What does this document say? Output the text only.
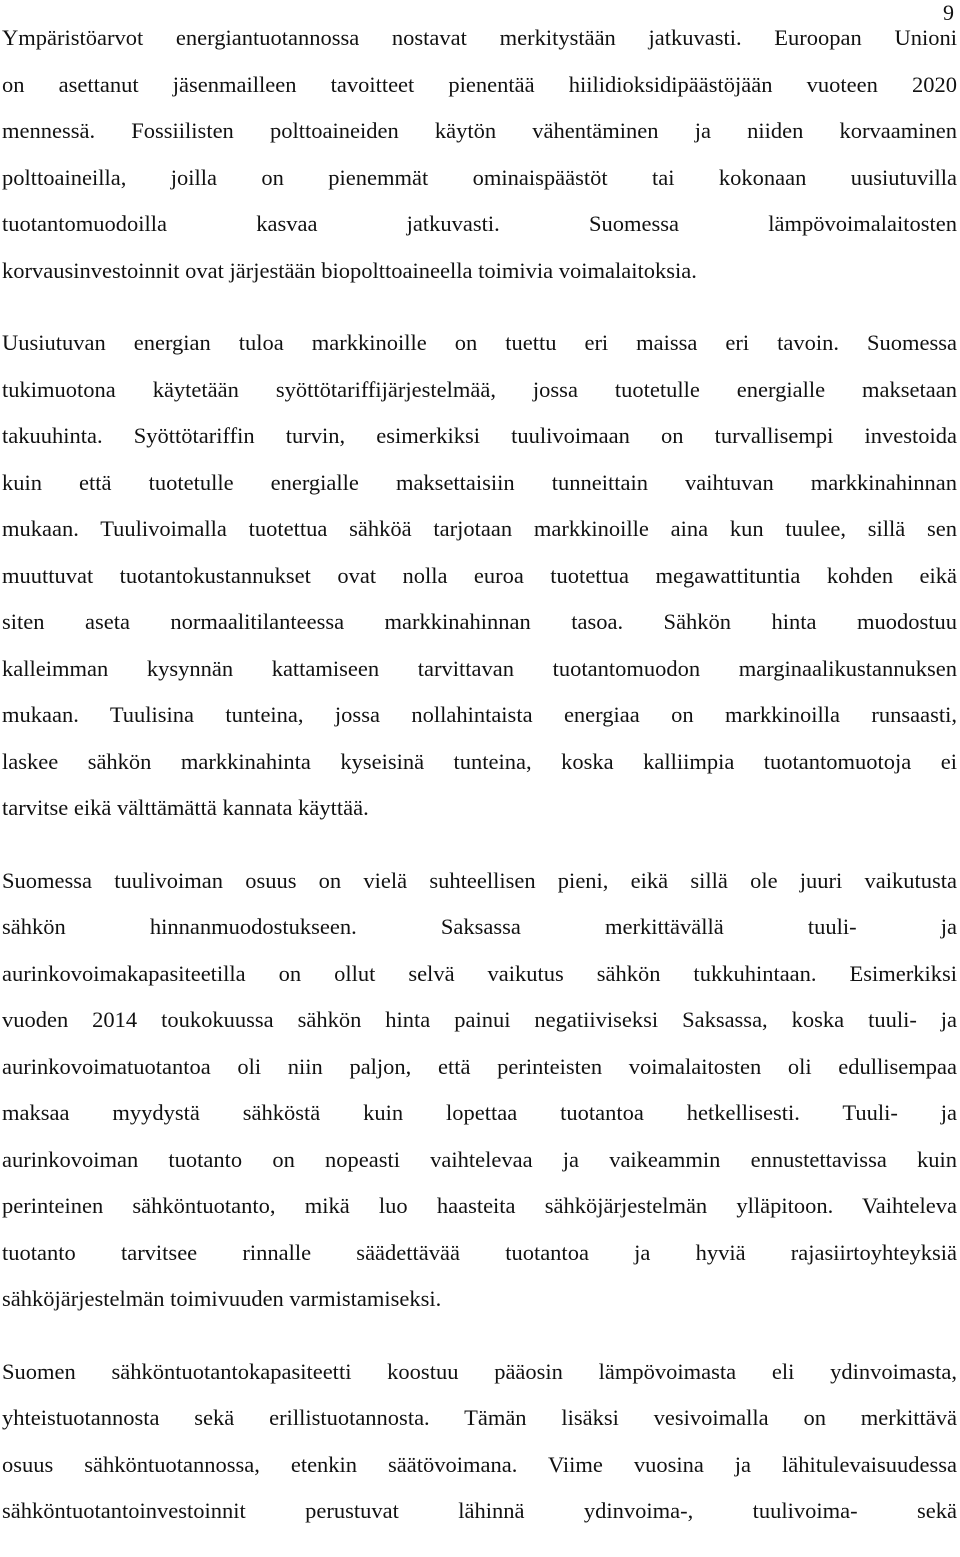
9
Ympäristöarvot energiantuotannossa nostavat merkitystään jatkuvasti. Euroopan Unioni
on asettanut jäsenmailleen tavoitteet pienentää hiilidioksidipäästöjään vuoteen 2020
mennessä. Fossiilisten polttoaineiden käytön vähentäminen ja niiden korvaaminen
polttoaineilla, joilla on pienemmät ominaispäästöt tai kokonaan uusiutuvilla
tuotantomuodoilla kasvaa jatkuvasti. Suomessa lämpövoimalaitosten
korvausinvestoinnit ovat järjestään biopolttoaineella toimivia voimalaitoksia.
Uusiutuvan energian tuloa markkinoille on tuettu eri maissa eri tavoin. Suomessa
tukimuotona käytetään syöttötariffijärjestelmää, jossa tuotetulle energialle maksetaan
takuuhinta. Syöttötariffin turvin, esimerkiksi tuulivoimaan on turvallisempi investoida
kuin että tuotetulle energialle maksettaisiin tunneittain vaihtuvan markkinahinnan
mukaan. Tuulivoimalla tuotettua sähköä tarjotaan markkinoille aina kun tuulee, sillä sen
muuttuvat tuotantokustannukset ovat nolla euroa tuotettua megawattituntia kohden eikä
siten aseta normaalitilanteessa markkinahinnan tasoa. Sähkön hinta muodostuu
kalleimman kysynnän kattamiseen tarvittavan tuotantomuodon marginaalikustannuksen
mukaan. Tuulisina tunteina, jossa nollahintaista energiaa on markkinoilla runsaasti,
laskee sähkön markkinahinta kyseisinä tunteina, koska kalliimpia tuotantomuotoja ei
tarvitse eikä välttämättä kannata käyttää.
Suomessa tuulivoiman osuus on vielä suhteellisen pieni, eikä sillä ole juuri vaikutusta
sähkön hinnanmuodostukseen. Saksassa merkittävällä tuuli- ja
aurinkovoimakapasiteetilla on ollut selvä vaikutus sähkön tukkuhintaan. Esimerkiksi
vuoden 2014 toukokuussa sähkön hinta painui negatiiviseksi Saksassa, koska tuuli- ja
aurinkovoimatuotantoa oli niin paljon, että perinteisten voimalaitosten oli edullisempaa
maksaa myydystä sähköstä kuin lopettaa tuotantoa hetkellisesti. Tuuli- ja
aurinkovoiman tuotanto on nopeasti vaihtelevaa ja vaikeammin ennustettavissa kuin
perinteinen sähköntuotanto, mikä luo haasteita sähköjärjestelmän ylläpitoon. Vaihteleva
tuotanto tarvitsee rinnalle säädettävää tuotantoa ja hyviä rajasiirtoyhteyksiä
sähköjärjestelmän toimivuuden varmistamiseksi.
Suomen sähköntuotantokapasiteetti koostuu pääosin lämpövoimasta eli ydinvoimasta,
yhteistuotannosta sekä erillistuotannosta. Tämän lisäksi vesivoimalla on merkittävä
osuus sähköntuotannossa, etenkin säätövoimana. Viime vuosina ja lähitulevaisuudessa
sähköntuotantoinvestoinnit perustuvat lähinnä ydinvoima-, tuulivoima- sekä
